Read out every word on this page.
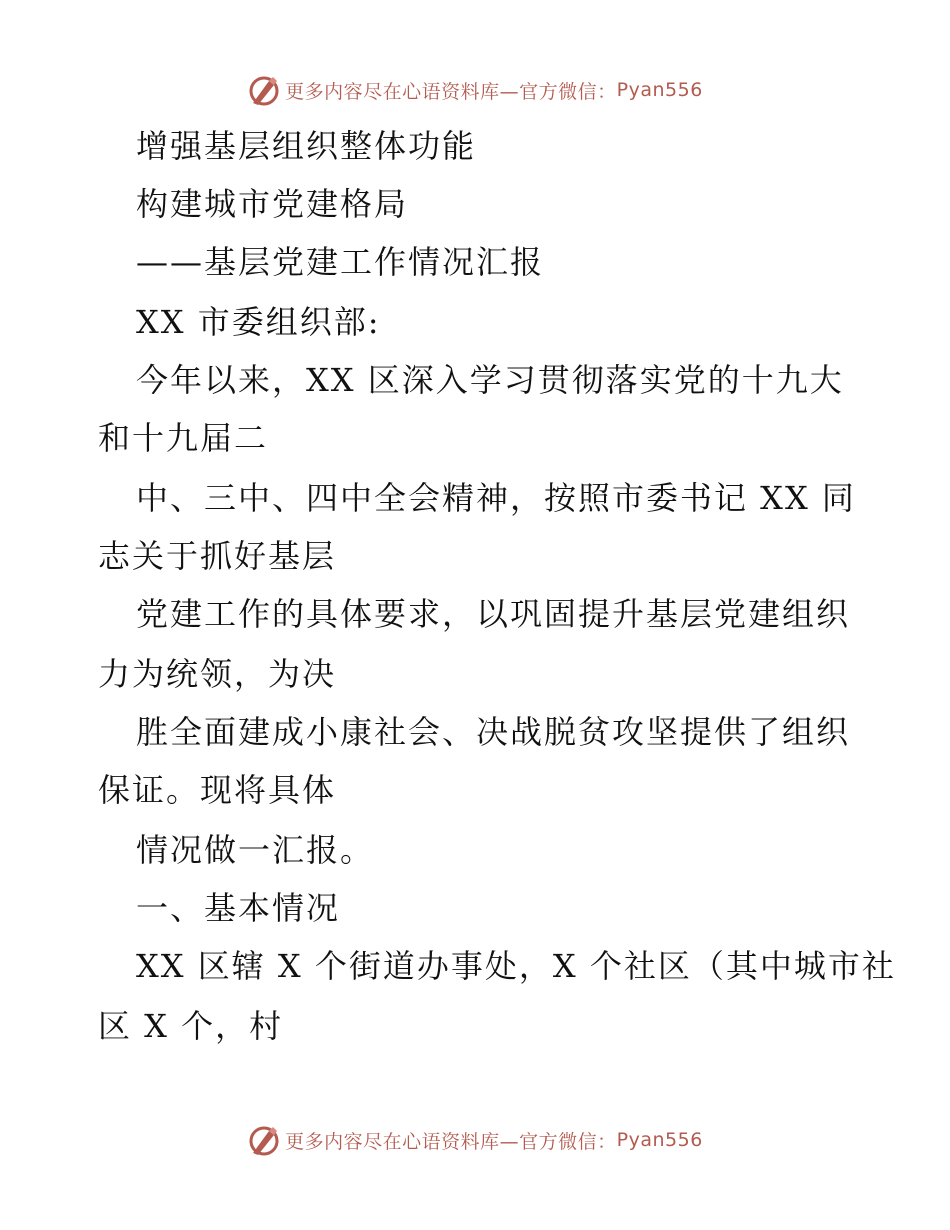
更多内容尽在心语资料库—官方微信： Pyan556
增强基层组织整体功能
构建城市党建格局
——基层党建工作情况汇报
XX 市委组织部:
今年以来，XX 区深入学习贯彻落实党的十九大
和十九届二
中、三中、四中全会精神，按照市委书记 XX 同
志关于抓好基层
党建工作的具体要求，以巩固提升基层党建组织
力为统领，为决
胜全面建成小康社会、决战脱贫攻坚提供了组织
保证。现将具体
情况做一汇报。
一、基本情况
XX 区辖 X 个街道办事处，X 个社区（其中城市社
区 X 个，村
更多内容尽在心语资料库—官方微信： Pyan556
